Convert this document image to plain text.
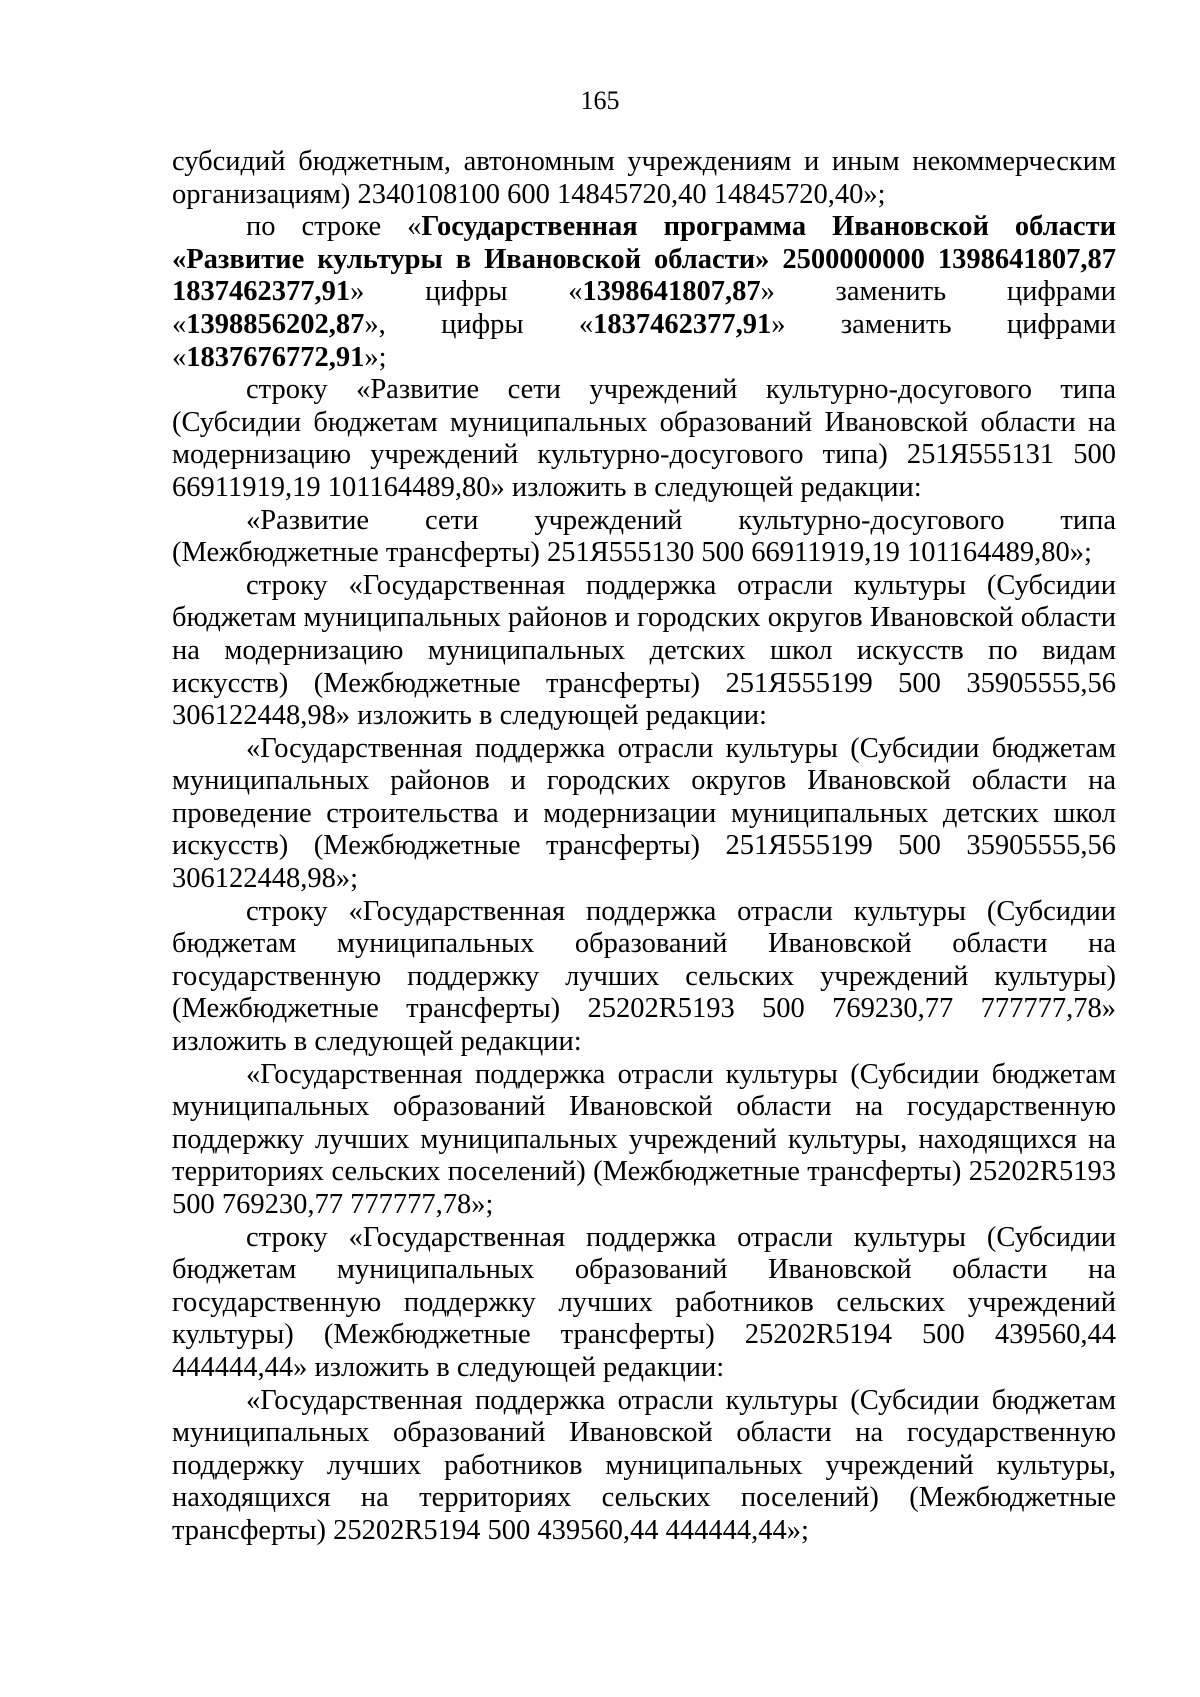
165

субсидий бюджетным, автономным учреждениям и иным некоммерческим организациям) 2340108100 600 14845720,40 14845720,40»;

по строке «Государственная программа Ивановской области «Развитие культуры в Ивановской области» 2500000000 1398641807,87 1837462377,91» цифры «1398641807,87» заменить цифрами «1398856202,87», цифры «1837462377,91» заменить цифрами «1837676772,91»;

строку «Развитие сети учреждений культурно-досугового типа (Субсидии бюджетам муниципальных образований Ивановской области на модернизацию учреждений культурно-досугового типа) 251Я555131 500 66911919,19 101164489,80» изложить в следующей редакции:

«Развитие сети учреждений культурно-досугового типа (Межбюджетные трансферты) 251Я555130 500 66911919,19 101164489,80»;

строку «Государственная поддержка отрасли культуры (Субсидии бюджетам муниципальных районов и городских округов Ивановской области на модернизацию муниципальных детских школ искусств по видам искусств) (Межбюджетные трансферты) 251Я555199 500 35905555,56 306122448,98» изложить в следующей редакции:

«Государственная поддержка отрасли культуры (Субсидии бюджетам муниципальных районов и городских округов Ивановской области на проведение строительства и модернизации муниципальных детских школ искусств) (Межбюджетные трансферты) 251Я555199 500 35905555,56 306122448,98»;

строку «Государственная поддержка отрасли культуры (Субсидии бюджетам муниципальных образований Ивановской области на государственную поддержку лучших сельских учреждений культуры) (Межбюджетные трансферты) 25202R5193 500 769230,77 777777,78» изложить в следующей редакции:

«Государственная поддержка отрасли культуры (Субсидии бюджетам муниципальных образований Ивановской области на государственную поддержку лучших муниципальных учреждений культуры, находящихся на территориях сельских поселений) (Межбюджетные трансферты) 25202R5193 500 769230,77 777777,78»;

строку «Государственная поддержка отрасли культуры (Субсидии бюджетам муниципальных образований Ивановской области на государственную поддержку лучших работников сельских учреждений культуры) (Межбюджетные трансферты) 25202R5194 500 439560,44 444444,44» изложить в следующей редакции:

«Государственная поддержка отрасли культуры (Субсидии бюджетам муниципальных образований Ивановской области на государственную поддержку лучших работников муниципальных учреждений культуры, находящихся на территориях сельских поселений) (Межбюджетные трансферты) 25202R5194 500 439560,44 444444,44»;
